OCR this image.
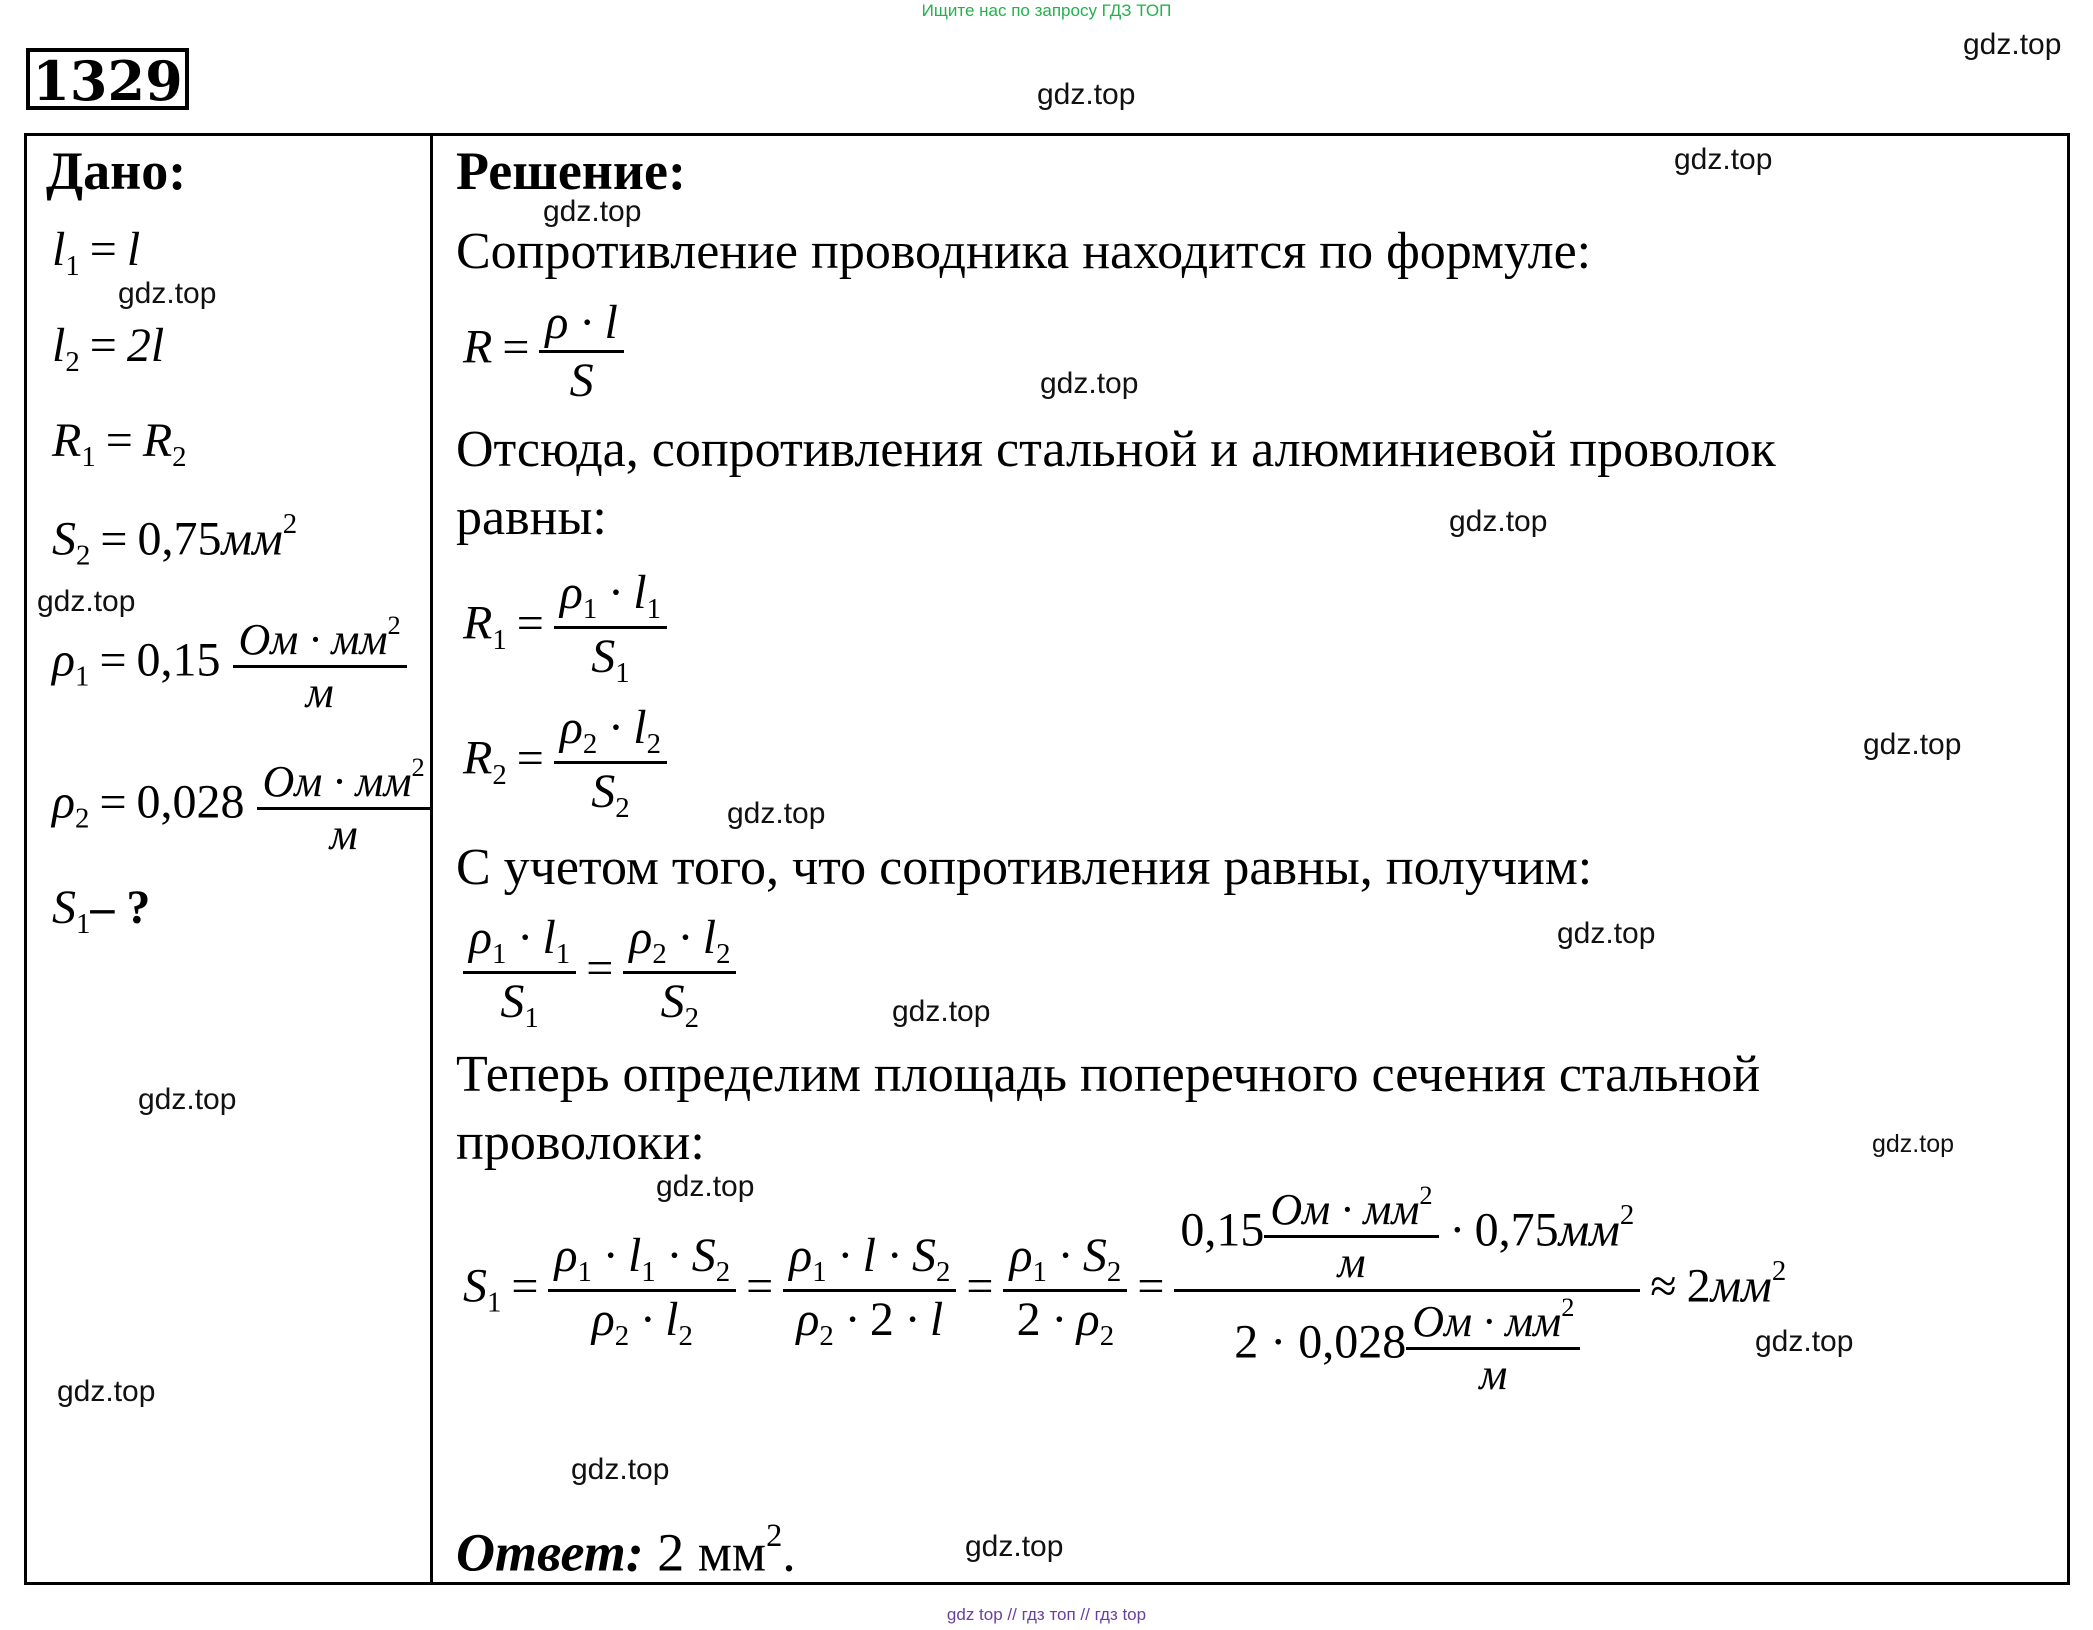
Ищите нас по запросу ГДЗ ТОП
1329
gdz.top
gdz.top
Дано:
$l_1 = l$
$l_2 = 2l$
$R_1 = R_2$
$S_2 = 0,75мм^2$
$\rho_1 = 0,15 \frac{Ом \cdot мм^2}{м}$
$\rho_2 = 0,028 \frac{Ом \cdot мм^2}{м}$
$S_1-$ ?
gdz.top
gdz.top
gdz.top
gdz.top
Решение:
Сопротивление проводника находится по формуле:
$R = \frac{\rho \cdot l}{S}$
Отсюда, сопротивления стальной и алюминиевой проволок
равны:
$R_1 = \frac{\rho_1 \cdot l_1}{S_1}$
$R_2 = \frac{\rho_2 \cdot l_2}{S_2}$
С учетом того, что сопротивления равны, получим:
$\frac{\rho_1 \cdot l_1}{S_1} = \frac{\rho_2 \cdot l_2}{S_2}$
Теперь определим площадь поперечного сечения стальной
проволоки:
$S_1 = \frac{\rho_1 \cdot l_1 \cdot S_2}{\rho_2 \cdot l_2} = \frac{\rho_1 \cdot l \cdot S_2}{\rho_2 \cdot 2 \cdot l} = \frac{\rho_1 \cdot S_2}{2 \cdot \rho_2} = \frac{0,15 \frac{Ом \cdot мм^2}{м} \cdot 0,75мм^2}{2 \cdot 0,028 \frac{Ом \cdot мм^2}{м}} \approx 2мм^2$
Ответ: 2 $мм^2$.
gdz.top
gdz.top
gdz.top
gdz.top
gdz.top
gdz.top
gdz.top
gdz.top
gdz.top
gdz.top
gdz.top
gdz.top
gdz.top
gdz top // гдз топ // гдз top
